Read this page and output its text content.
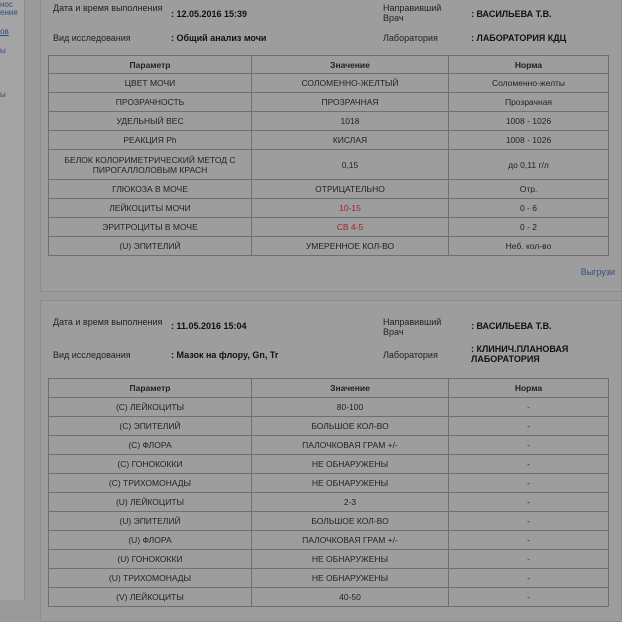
нос
ение
ов
ы
ы
Дата и время выполнения
: 12.05.2016 15:39
Направивший Врач	: ВАСИЛЬЕВА Т.В.
Вид исследования	: Общий анализ мочи	Лаборатория	: ЛАБОРАТОРИЯ КДЦ
Параметр	Значение	Норма
ЦВЕТ МОЧИ	СОЛОМЕННО-ЖЕЛТЫЙ	Соломенно-желты
ПРОЗРАЧНОСТЬ	ПРОЗРАЧНАЯ	Прозрачная
УДЕЛЬНЫЙ ВЕС	1018	1008 - 1026
РЕАКЦИЯ Ph	КИСЛАЯ	1008 - 1026
БЕЛОК КОЛОРИМЕТРИЧЕСКИЙ МЕТОД С ПИРОГАЛЛОЛОВЫМ КРАСН	0,15	до 0,11 г/л
ГЛЮКОЗА В МОЧЕ	ОТРИЦАТЕЛЬНО	Отр.
ЛЕЙКОЦИТЫ МОЧИ	10-15	0 - 6
ЭРИТРОЦИТЫ В МОЧЕ	СВ 4-5	0 - 2
(U) ЭПИТЕЛИЙ	УМЕРЕННОЕ КОЛ-ВО	Неб. кол-во
Выгрузи
Дата и время выполнения : 11.05.2016 15:04	Направивший Врач
: ВАСИЛЬЕВА Т.В.
Вид исследования	: Мазок на флору, Gn, Tr	Лаборатория
: КЛИНИЧ.ПЛАНОВАЯ ЛАБОРАТОРИЯ
Параметр	Значение	Норма
(С) ЛЕЙКОЦИТЫ	80-100	-
(С) ЭПИТЕЛИЙ	БОЛЬШОЕ КОЛ-ВО	-
(С) ФЛОРА	ПАЛОЧКОВАЯ ГРАМ +/-	-
(С) ГОНОКОККИ	НЕ ОБНАРУЖЕНЫ	-
(С) ТРИХОМОНАДЫ	НЕ ОБНАРУЖЕНЫ	-
(U) ЛЕЙКОЦИТЫ	2-3	-
(U) ЭПИТЕЛИЙ	БОЛЬШОЕ КОЛ-ВО	-
(U) ФЛОРА	ПАЛОЧКОВАЯ ГРАМ +/-	-
(U) ГОНОКОККИ	НЕ ОБНАРУЖЕНЫ	-
(U) ТРИХОМОНАДЫ	НЕ ОБНАРУЖЕНЫ	-
(V) ЛЕЙКОЦИТЫ	40-50	-
